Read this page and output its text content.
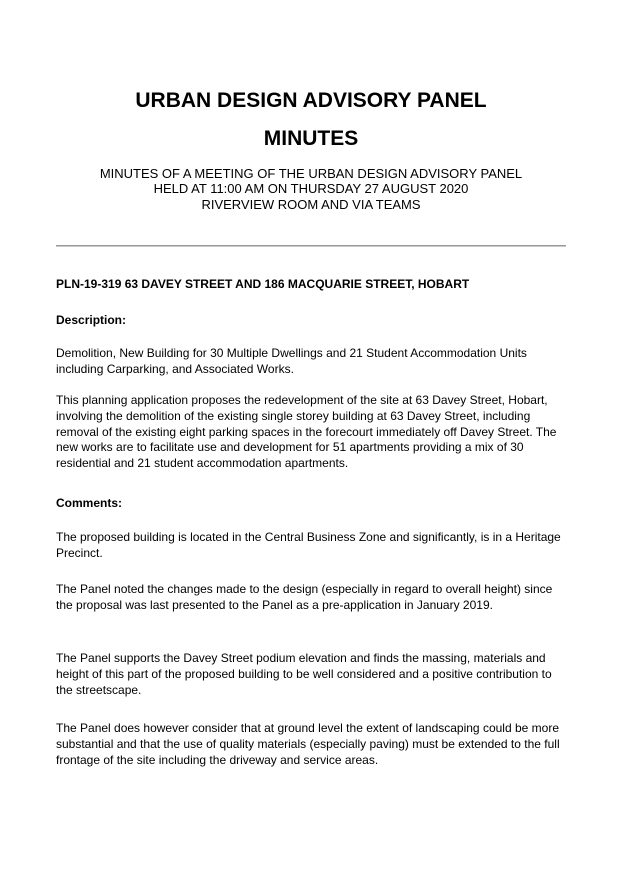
URBAN DESIGN ADVISORY PANEL
MINUTES
MINUTES OF A MEETING OF THE URBAN DESIGN ADVISORY PANEL
HELD AT 11:00 AM ON THURSDAY 27 AUGUST 2020
RIVERVIEW ROOM AND VIA TEAMS
PLN-19-319 63 DAVEY STREET AND 186 MACQUARIE STREET, HOBART
Description:
Demolition, New Building for 30 Multiple Dwellings and 21 Student Accommodation Units including Carparking, and Associated Works.
This planning application proposes the redevelopment of the site at 63 Davey Street, Hobart, involving the demolition of the existing single storey building at 63 Davey Street, including removal of the existing eight parking spaces in the forecourt immediately off Davey Street. The new works are to facilitate use and development for 51 apartments providing a mix of 30 residential and 21 student accommodation apartments.
Comments:
The proposed building is located in the Central Business Zone and significantly, is in a Heritage Precinct.
The Panel noted the changes made to the design (especially in regard to overall height) since the proposal was last presented to the Panel as a pre-application in January 2019.
The Panel supports the Davey Street podium elevation and finds the massing, materials and height of this part of the proposed building to be well considered and a positive contribution to the streetscape.
The Panel does however consider that at ground level the extent of landscaping could be more substantial and that the use of quality materials (especially paving) must be extended to the full frontage of the site including the driveway and service areas.
